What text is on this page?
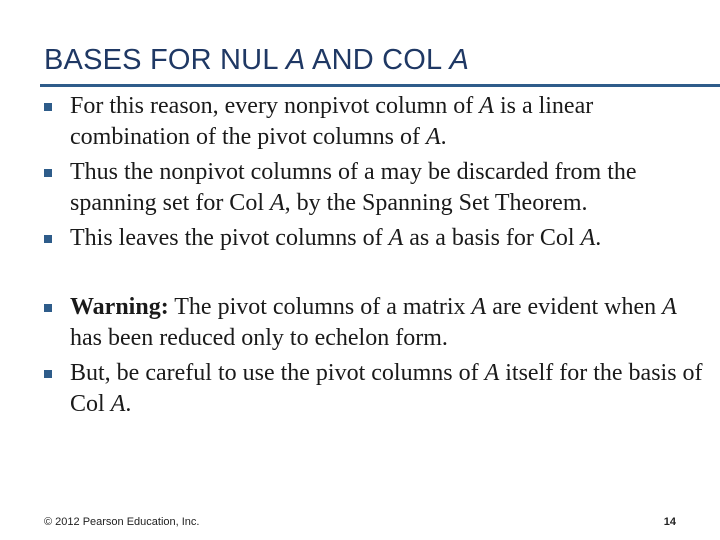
BASES FOR NUL A AND COL A
For this reason, every nonpivot column of A is a linear combination of the pivot columns of A.
Thus the nonpivot columns of a may be discarded from the spanning set for Col A, by the Spanning Set Theorem.
This leaves the pivot columns of A as a basis for Col A.
Warning: The pivot columns of a matrix A are evident when A has been reduced only to echelon form.
But, be careful to use the pivot columns of A itself for the basis of Col A.
© 2012 Pearson Education, Inc.	14
